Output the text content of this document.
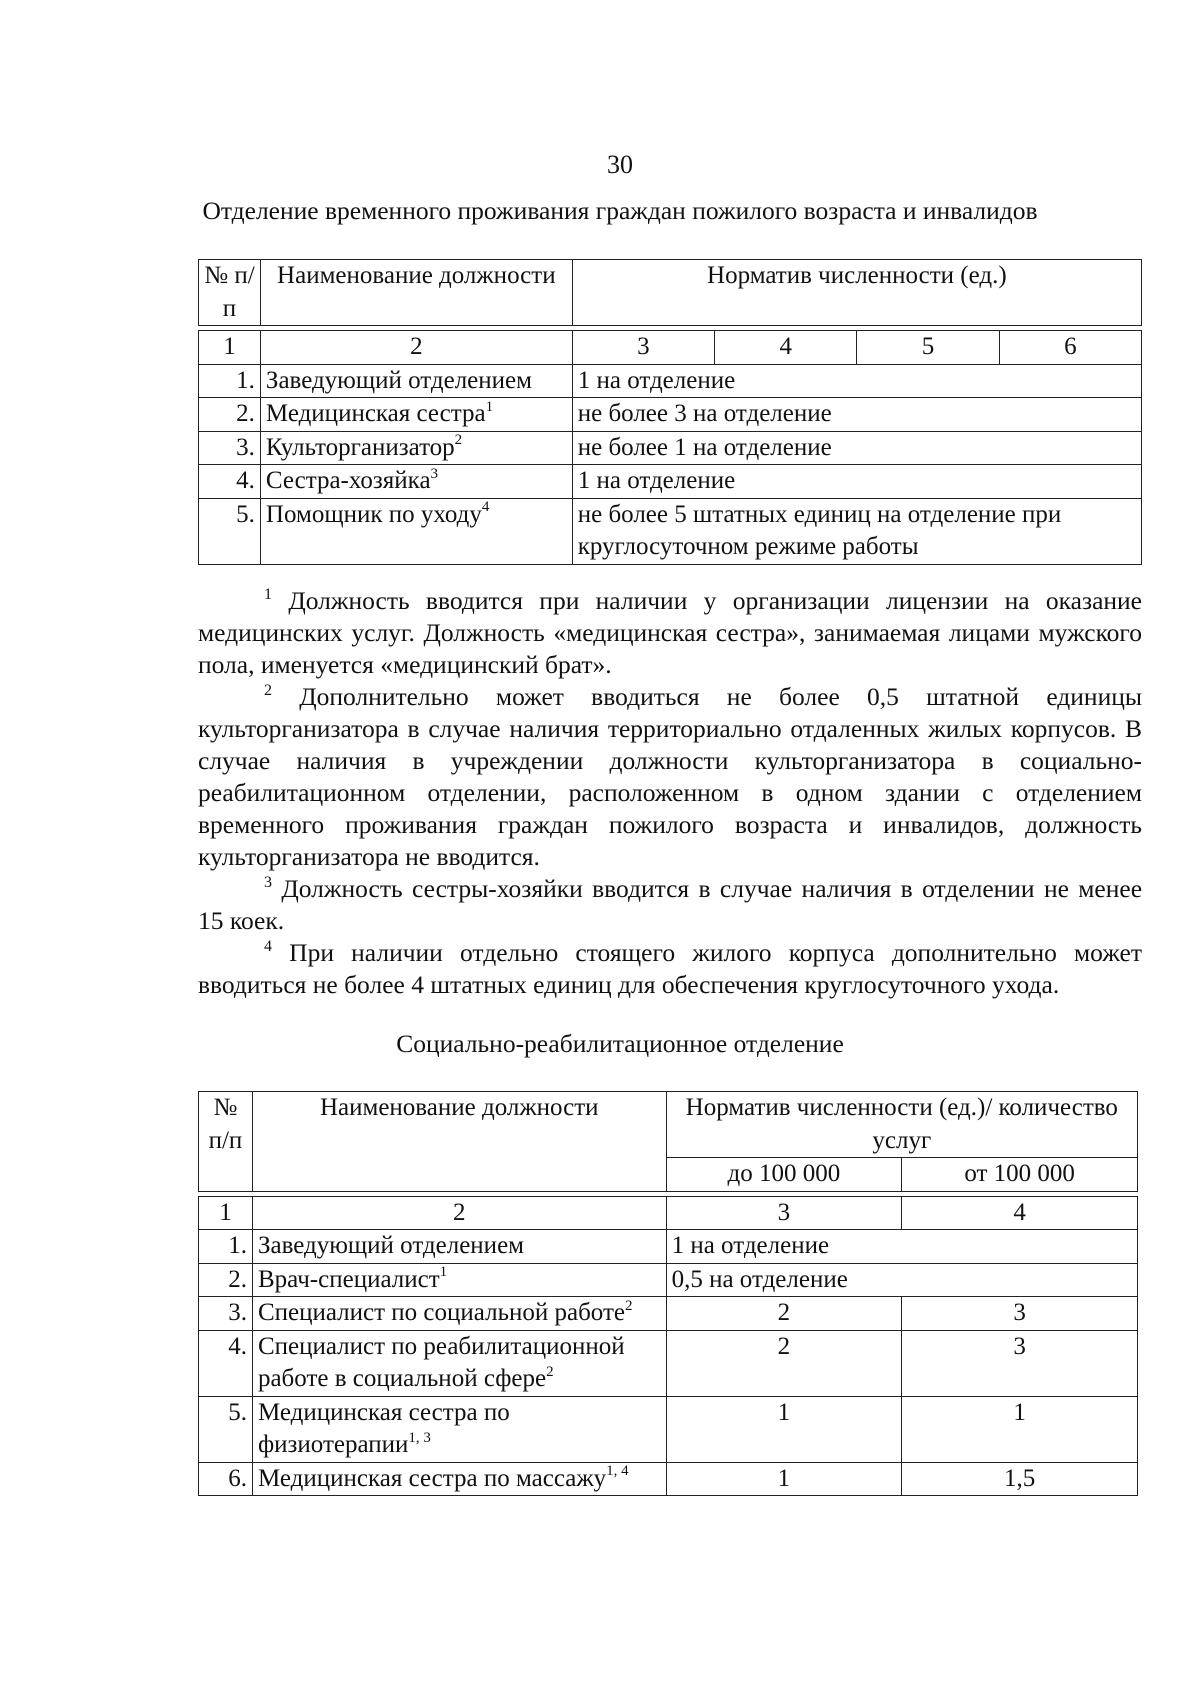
30
Отделение временного проживания граждан пожилого возраста и инвалидов
№ п/п	Наименование должности	Норматив численности (ед.)			

1	2	3	4	5	6
1.	Заведующий отделением	1 на отделение			
2.	Медицинская сестра$^1$	не более 3 на отделение			
3.	Культорганизатор$^2$	не более 1 на отделение			
4.	Сестра-хозяйка$^3$	1 на отделение			
5.	Помощник по уходу$^4$	не более 5 штатных единиц на отделение при круглосуточном режиме работы			

$^1$ Должность вводится при наличии у организации лицензии на оказание медицинских услуг. Должность «медицинская сестра», занимаемая лицами мужского пола, именуется «медицинский брат».

$^2$ Дополнительно может вводиться не более 0,5 штатной единицы культорганизатора в случае наличия территориально отдаленных жилых корпусов. В случае наличия в учреждении должности культорганизатора в социально-реабилитационном отделении, расположенном в одном здании с отделением временного проживания граждан пожилого возраста и инвалидов, должность культорганизатора не вводится.

$^3$ Должность сестры-хозяйки вводится в случае наличия в отделении не менее 15 коек.

$^4$ При наличии отдельно стоящего жилого корпуса дополнительно может вводиться не более 4 штатных единиц для обеспечения круглосуточного ухода.

Социально-реабилитационное отделение
№ п/п	Наименование должности	Норматив численности (ед.)/ количество услуг	
		до 100 000	от 100 000

1	2	3	4
1.	Заведующий отделением	1 на отделение	
2.	Врач-специалист$^1$	0,5 на отделение	
3.	Специалист по социальной работе$^2$	2	3
4.	Специалист по реабилитационной работе в социальной сфере$^2$	2	3
5.	Медицинская сестра по физиотерапии$^{1, 3}$	1	1
6.	Медицинская сестра по массажу$^{1, 4}$	1	1,5
